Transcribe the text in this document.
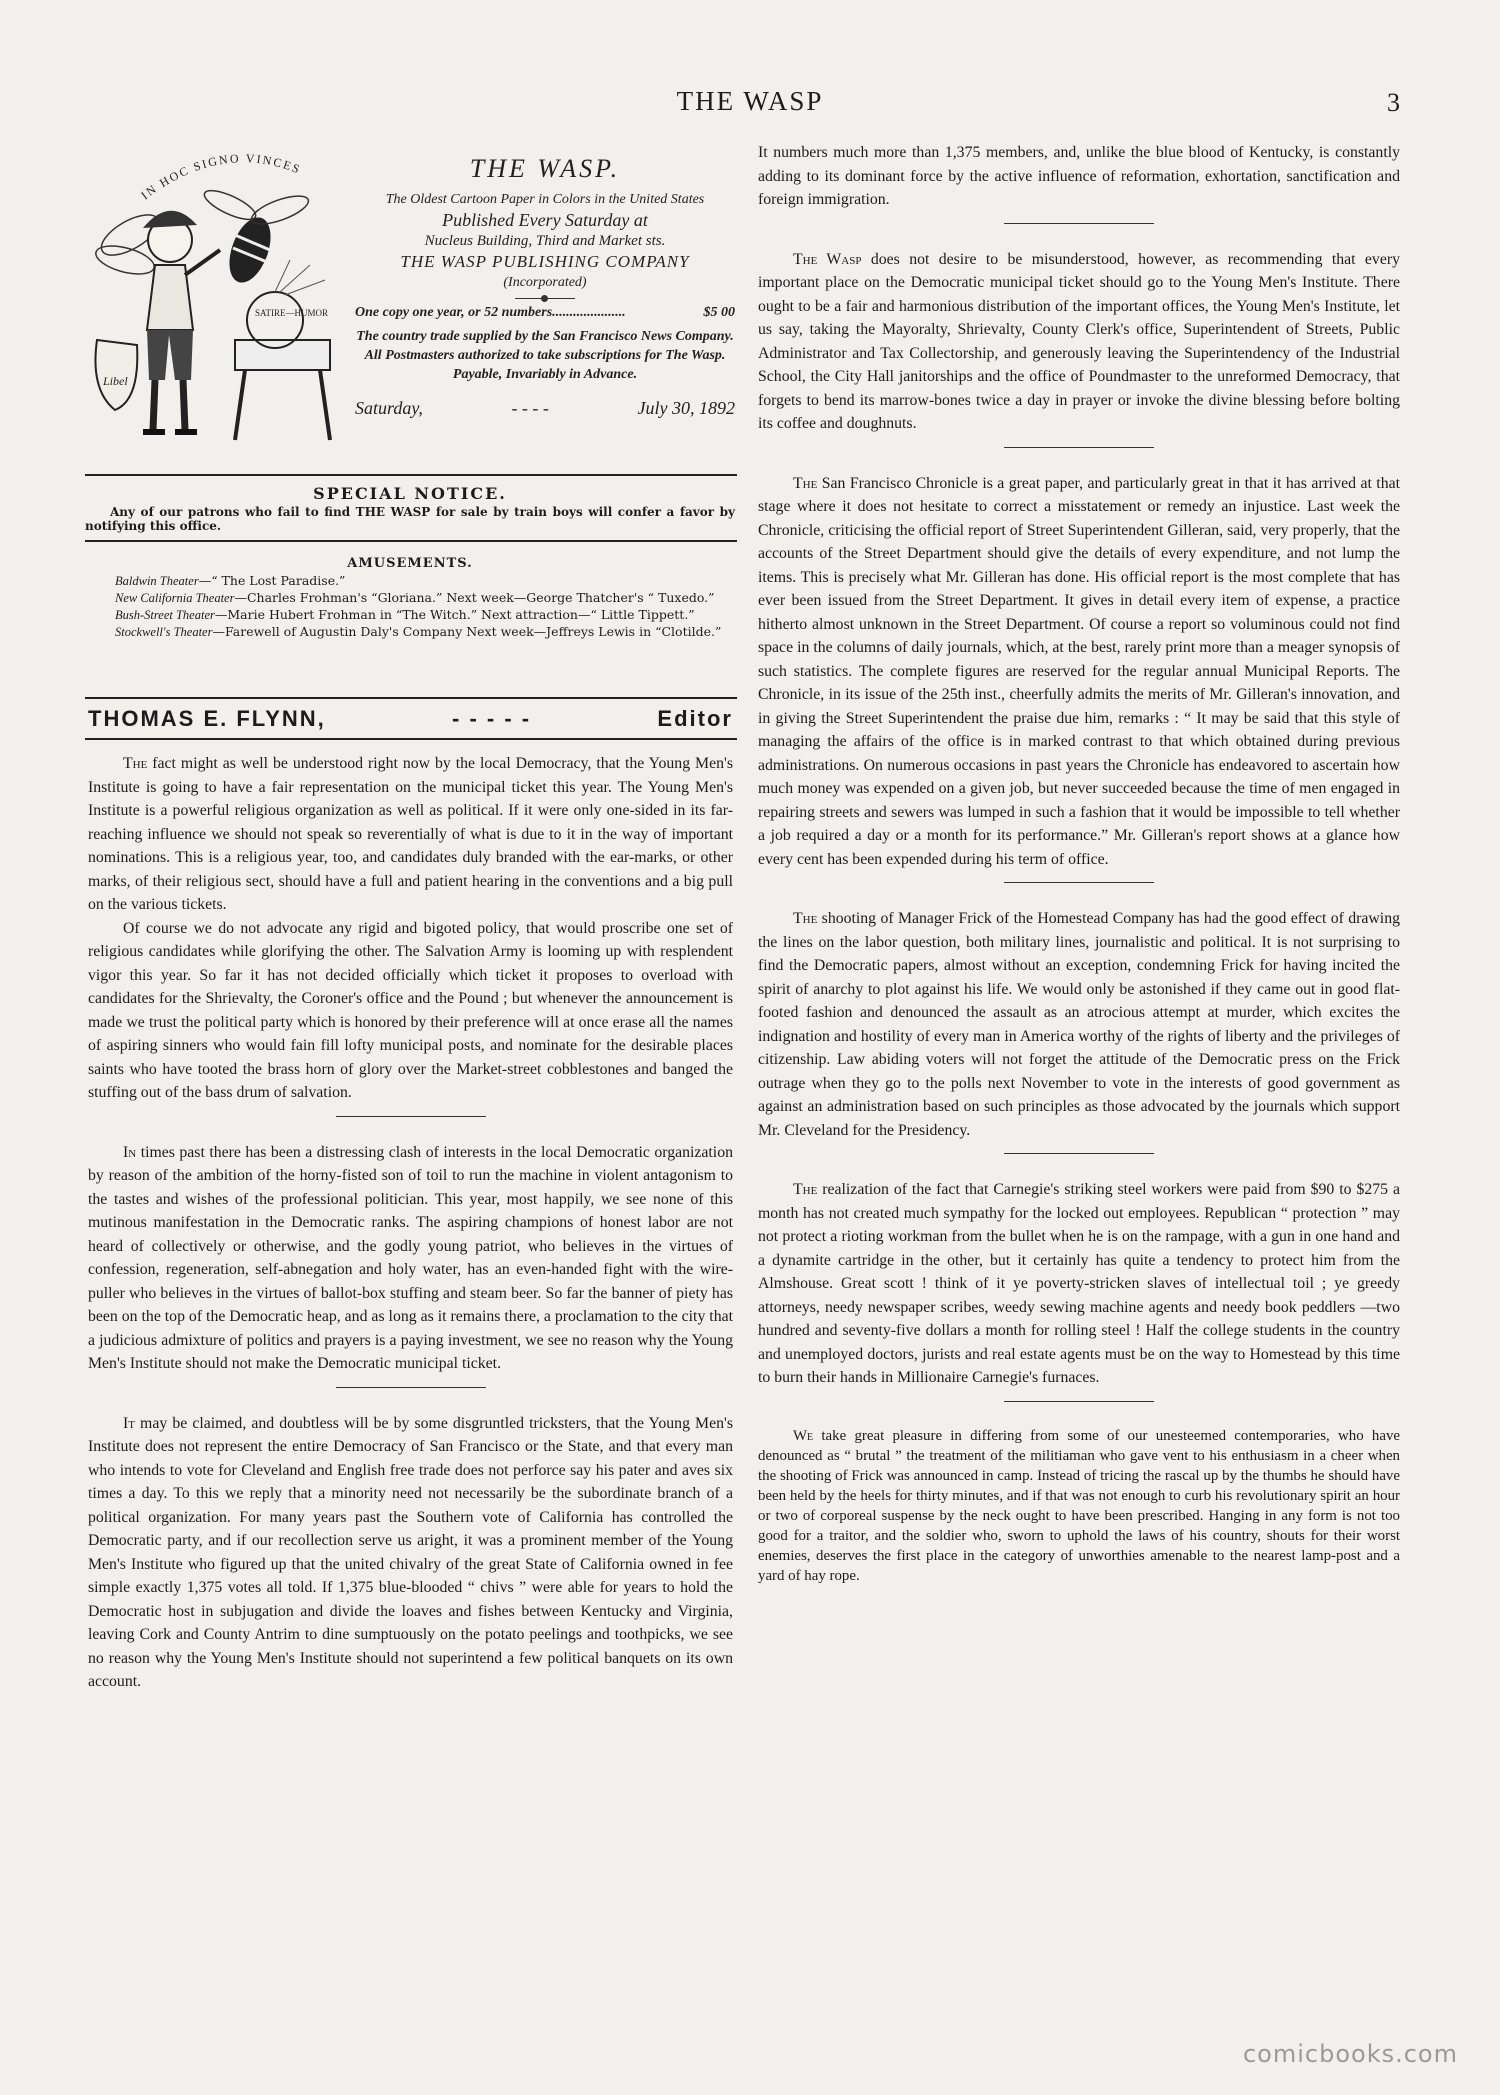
THE WASP	3
IN HOC SIGNO VINCES
SATIRE—HUMOR
Libel
THE WASP.
The Oldest Cartoon Paper in Colors in the United States
Published Every Saturday at
Nucleus Building, Third and Market sts.
THE WASP PUBLISHING COMPANY
(Incorporated)
One copy one year, or 52 numbers.....................	$5 00
The country trade supplied by the San Francisco News Company. All Postmasters authorized to take subscriptions for The Wasp.
Payable, Invariably in Advance.
Saturday,	- - - -	July 30, 1892
SPECIAL NOTICE.
Any of our patrons who fail to find THE WASP for sale by train boys will confer a favor by notifying this office.
AMUSEMENTS.
Baldwin Theater—“ The Lost Paradise.”
New California Theater—Charles Frohman's “Gloriana.” Next week—George Thatcher's “ Tuxedo.”
Bush-Street Theater—Marie Hubert Frohman in “The Witch.” Next attraction—“ Little Tippett.”
Stockwell's Theater—Farewell of Augustin Daly's Company Next week—Jeffreys Lewis in “Clotilde.”
THOMAS E. FLYNN,	- - - - -	Editor

The fact might as well be understood right now by the local Democracy, that the Young Men's Institute is going to have a fair representation on the municipal ticket this year. The Young Men's Institute is a powerful religious organization as well as political. If it were only one-sided in its far-reaching influence we should not speak so reverentially of what is due to it in the way of important nominations. This is a religious year, too, and candidates duly branded with the ear-marks, or other marks, of their religious sect, should have a full and patient hearing in the conventions and a big pull on the various tickets.

Of course we do not advocate any rigid and bigoted policy, that would proscribe one set of religious candidates while glorifying the other. The Salvation Army is looming up with resplendent vigor this year. So far it has not decided officially which ticket it proposes to overload with candidates for the Shrievalty, the Coroner's office and the Pound ; but whenever the announcement is made we trust the political party which is honored by their preference will at once erase all the names of aspiring sinners who would fain fill lofty municipal posts, and nominate for the desirable places saints who have tooted the brass horn of glory over the Market-street cobblestones and banged the stuffing out of the bass drum of salvation.

In times past there has been a distressing clash of interests in the local Democratic organization by reason of the ambition of the horny-fisted son of toil to run the machine in violent antagonism to the tastes and wishes of the professional politician. This year, most happily, we see none of this mutinous manifestation in the Democratic ranks. The aspiring champions of honest labor are not heard of collectively or otherwise, and the godly young patriot, who believes in the virtues of confession, regeneration, self-abnegation and holy water, has an even-handed fight with the wire-puller who believes in the virtues of ballot-box stuffing and steam beer. So far the banner of piety has been on the top of the Democratic heap, and as long as it remains there, a proclamation to the city that a judicious admixture of politics and prayers is a paying investment, we see no reason why the Young Men's Institute should not make the Democratic municipal ticket.

It may be claimed, and doubtless will be by some disgruntled tricksters, that the Young Men's Institute does not represent the entire Democracy of San Francisco or the State, and that every man who intends to vote for Cleveland and English free trade does not perforce say his pater and aves six times a day. To this we reply that a minority need not necessarily be the subordinate branch of a political organization. For many years past the Southern vote of California has controlled the Democratic party, and if our recollection serve us aright, it was a prominent member of the Young Men's Institute who figured up that the united chivalry of the great State of California owned in fee simple exactly 1,375 votes all told. If 1,375 blue-blooded “ chivs ” were able for years to hold the Democratic host in subjugation and divide the loaves and fishes between Kentucky and Virginia, leaving Cork and County Antrim to dine sumptuously on the potato peelings and toothpicks, we see no reason why the Young Men's Institute should not superintend a few political banquets on its own account.

It numbers much more than 1,375 members, and, unlike the blue blood of Kentucky, is constantly adding to its dominant force by the active influence of reformation, exhortation, sanctification and foreign immigration.

The Wasp does not desire to be misunderstood, however, as recommending that every important place on the Democratic municipal ticket should go to the Young Men's Institute. There ought to be a fair and harmonious distribution of the important offices, the Young Men's Institute, let us say, taking the Mayoralty, Shrievalty, County Clerk's office, Superintendent of Streets, Public Administrator and Tax Collectorship, and generously leaving the Superintendency of the Industrial School, the City Hall janitorships and the office of Poundmaster to the unreformed Democracy, that forgets to bend its marrow-bones twice a day in prayer or invoke the divine blessing before bolting its coffee and doughnuts.

The San Francisco Chronicle is a great paper, and particularly great in that it has arrived at that stage where it does not hesitate to correct a misstatement or remedy an injustice. Last week the Chronicle, criticising the official report of Street Superintendent Gilleran, said, very properly, that the accounts of the Street Department should give the details of every expenditure, and not lump the items. This is precisely what Mr. Gilleran has done. His official report is the most complete that has ever been issued from the Street Department. It gives in detail every item of expense, a practice hitherto almost unknown in the Street Department. Of course a report so voluminous could not find space in the columns of daily journals, which, at the best, rarely print more than a meager synopsis of such statistics. The complete figures are reserved for the regular annual Municipal Reports. The Chronicle, in its issue of the 25th inst., cheerfully admits the merits of Mr. Gilleran's innovation, and in giving the Street Superintendent the praise due him, remarks : “ It may be said that this style of managing the affairs of the office is in marked contrast to that which obtained during previous administrations. On numerous occasions in past years the Chronicle has endeavored to ascertain how much money was expended on a given job, but never succeeded because the time of men engaged in repairing streets and sewers was lumped in such a fashion that it would be impossible to tell whether a job required a day or a month for its performance.” Mr. Gilleran's report shows at a glance how every cent has been expended during his term of office.

The shooting of Manager Frick of the Homestead Company has had the good effect of drawing the lines on the labor question, both military lines, journalistic and political. It is not surprising to find the Democratic papers, almost without an exception, condemning Frick for having incited the spirit of anarchy to plot against his life. We would only be astonished if they came out in good flat-footed fashion and denounced the assault as an atrocious attempt at murder, which excites the indignation and hostility of every man in America worthy of the rights of liberty and the privileges of citizenship. Law abiding voters will not forget the attitude of the Democratic press on the Frick outrage when they go to the polls next November to vote in the interests of good government as against an administration based on such principles as those advocated by the journals which support Mr. Cleveland for the Presidency.

The realization of the fact that Carnegie's striking steel workers were paid from $90 to $275 a month has not created much sympathy for the locked out employees. Republican “ protection ” may not protect a rioting workman from the bullet when he is on the rampage, with a gun in one hand and a dynamite cartridge in the other, but it certainly has quite a tendency to protect him from the Almshouse. Great scott ! think of it ye poverty-stricken slaves of intellectual toil ; ye greedy attorneys, needy newspaper scribes, weedy sewing machine agents and needy book peddlers —two hundred and seventy-five dollars a month for rolling steel ! Half the college students in the country and unemployed doctors, jurists and real estate agents must be on the way to Homestead by this time to burn their hands in Millionaire Carnegie's furnaces.

We take great pleasure in differing from some of our unesteemed contemporaries, who have denounced as “ brutal ” the treatment of the militiaman who gave vent to his enthusiasm in a cheer when the shooting of Frick was announced in camp. Instead of tricing the rascal up by the thumbs he should have been held by the heels for thirty minutes, and if that was not enough to curb his revolutionary spirit an hour or two of corporeal suspense by the neck ought to have been prescribed. Hanging in any form is not too good for a traitor, and the soldier who, sworn to uphold the laws of his country, shouts for their worst enemies, deserves the first place in the category of unworthies amenable to the nearest lamp-post and a yard of hay rope.

comicbooks.com
